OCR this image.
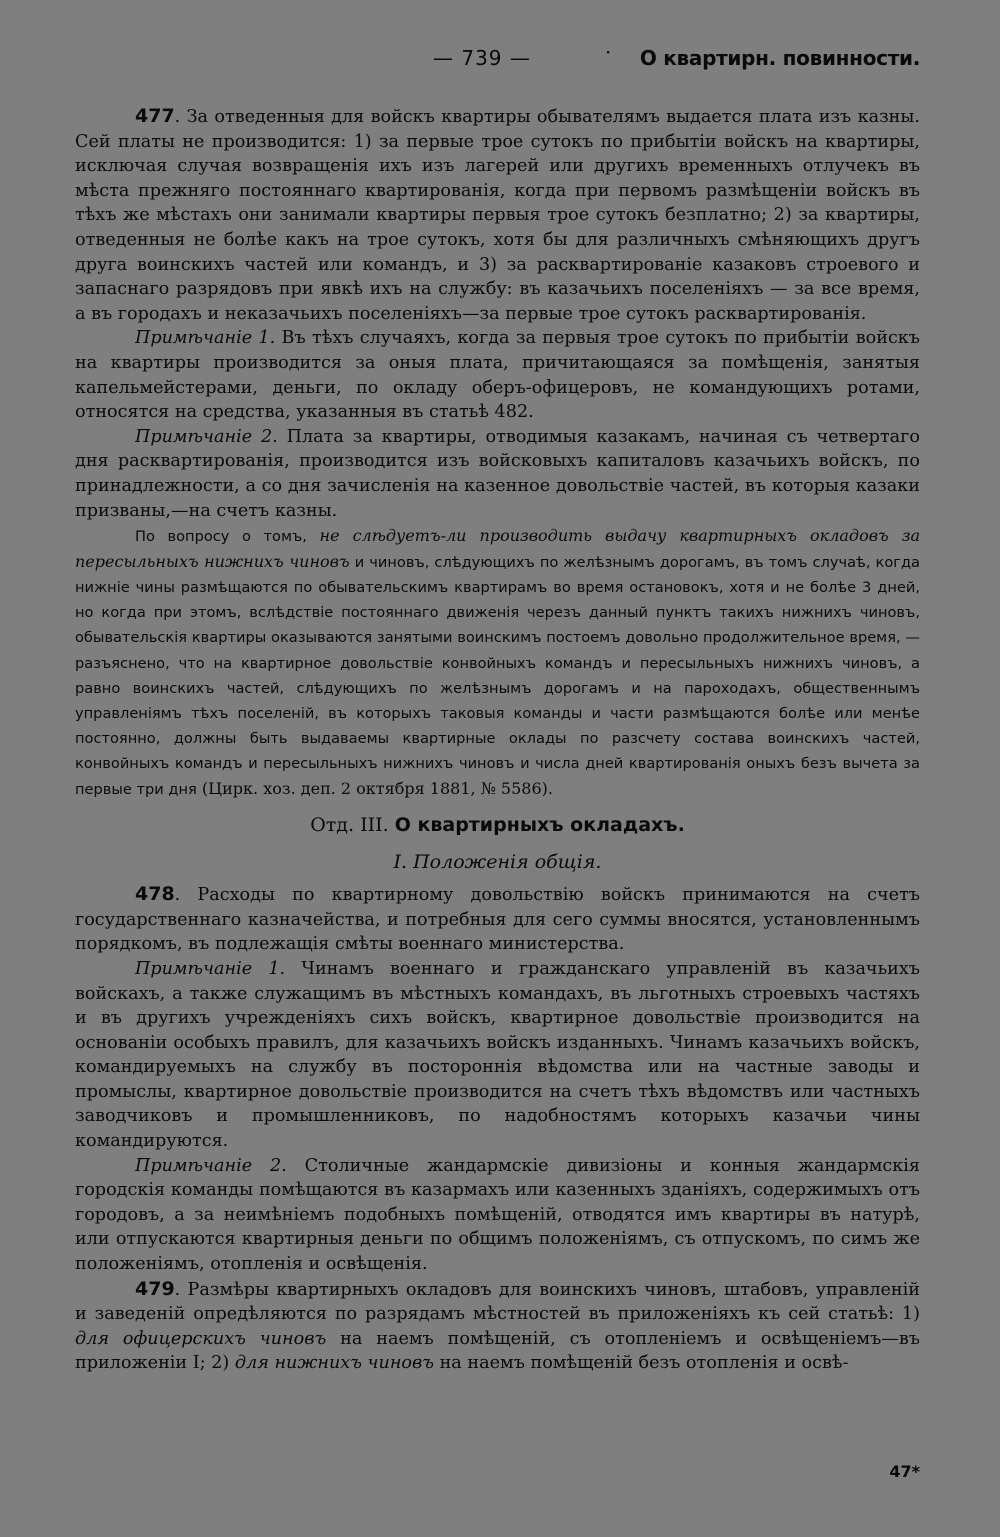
— 739 —	· О квартирн. повинности.

477. За отведенныя для войскъ квартиры обывателямъ выдается плата изъ казны. Сей платы не производится: 1) за первые трое сутокъ по прибытіи войскъ на квартиры, исключая случая возвращенія ихъ изъ лагерей или другихъ временныхъ отлучекъ въ мѣста прежняго постояннаго квартированія, когда при первомъ размѣщеніи войскъ въ тѣхъ же мѣстахъ они занимали квартиры первыя трое сутокъ безплатно; 2) за квартиры, отведенныя не болѣе какъ на трое сутокъ, хотя бы для различныхъ смѣняющихъ другъ друга воинскихъ частей или командъ, и 3) за расквартированіе казаковъ строевого и запаснаго разрядовъ при явкѣ ихъ на службу: въ казачьихъ поселеніяхъ — за все время, а въ городахъ и неказачьихъ поселеніяхъ—за первые трое сутокъ расквартированія.

Примѣчаніе 1. Въ тѣхъ случаяхъ, когда за первыя трое сутокъ по прибытіи войскъ на квартиры производится за оныя плата, причитающаяся за помѣщенія, занятыя капельмейстерами, деньги, по окладу оберъ-офицеровъ, не командующихъ ротами, относятся на средства, указанныя въ статьѣ 482.

Примѣчаніе 2. Плата за квартиры, отводимыя казакамъ, начиная съ четвертаго дня расквартированія, производится изъ войсковыхъ капиталовъ казачьихъ войскъ, по принадлежности, а со дня зачисленія на казенное довольствіе частей, въ которыя казаки призваны,—на счетъ казны.

По вопросу о томъ, не слѣдуетъ-ли производить выдачу квартирныхъ окладовъ за пересыльныхъ нижнихъ чиновъ и чиновъ, слѣдующихъ по желѣзнымъ дорогамъ, въ томъ случаѣ, когда нижніе чины размѣщаются по обывательскимъ квартирамъ во время остановокъ, хотя и не болѣе 3 дней, но когда при этомъ, вслѣдствіе постояннаго движенія черезъ данный пунктъ такихъ нижнихъ чиновъ, обывательскія квартиры оказываются занятыми воинскимъ постоемъ довольно продолжительное время, — разъяснено, что на квартирное довольствіе конвойныхъ командъ и пересыльныхъ нижнихъ чиновъ, а равно воинскихъ частей, слѣдующихъ по желѣзнымъ дорогамъ и на пароходахъ, общественнымъ управленіямъ тѣхъ поселеній, въ которыхъ таковыя команды и части размѣщаются болѣе или менѣе постоянно, должны быть выдаваемы квартирные оклады по разсчету состава воинскихъ частей, конвойныхъ командъ и пересыльныхъ нижнихъ чиновъ и числа дней квартированія оныхъ безъ вычета за первые три дня (Цирк. хоз. деп. 2 октября 1881, № 5586).

Отд. III. О квартирныхъ окладахъ.

I. Положенія общія.

478. Расходы по квартирному довольствію войскъ принимаются на счетъ государственнаго казначейства, и потребныя для сего суммы вносятся, установленнымъ порядкомъ, въ подлежащія смѣты военнаго министерства.

Примѣчаніе 1. Чинамъ военнаго и гражданскаго управленій въ казачьихъ войскахъ, а также служащимъ въ мѣстныхъ командахъ, въ льготныхъ строевыхъ частяхъ и въ другихъ учрежденіяхъ сихъ войскъ, квартирное довольствіе производится на основаніи особыхъ правилъ, для казачьихъ войскъ изданныхъ. Чинамъ казачьихъ войскъ, командируемыхъ на службу въ постороннія вѣдомства или на частные заводы и промыслы, квартирное довольствіе производится на счетъ тѣхъ вѣдомствъ или частныхъ заводчиковъ и промышленниковъ, по надобностямъ которыхъ казачьи чины командируются.

Примѣчаніе 2. Столичные жандармскіе дивизіоны и конныя жандармскія городскія команды помѣщаются въ казармахъ или казенныхъ зданіяхъ, содержимыхъ отъ городовъ, а за неимѣніемъ подобныхъ помѣщеній, отводятся имъ квартиры въ натурѣ, или отпускаются квартирныя деньги по общимъ положеніямъ, съ отпускомъ, по симъ же положеніямъ, отопленія и освѣщенія.

479. Размѣры квартирныхъ окладовъ для воинскихъ чиновъ, штабовъ, управленій и заведеній опредѣляются по разрядамъ мѣстностей въ приложеніяхъ къ сей статьѣ: 1) для офицерскихъ чиновъ на наемъ помѣщеній, съ отопленіемъ и освѣщеніемъ—въ приложеніи I; 2) для нижнихъ чиновъ на наемъ помѣщеній безъ отопленія и освѣ-

47*
